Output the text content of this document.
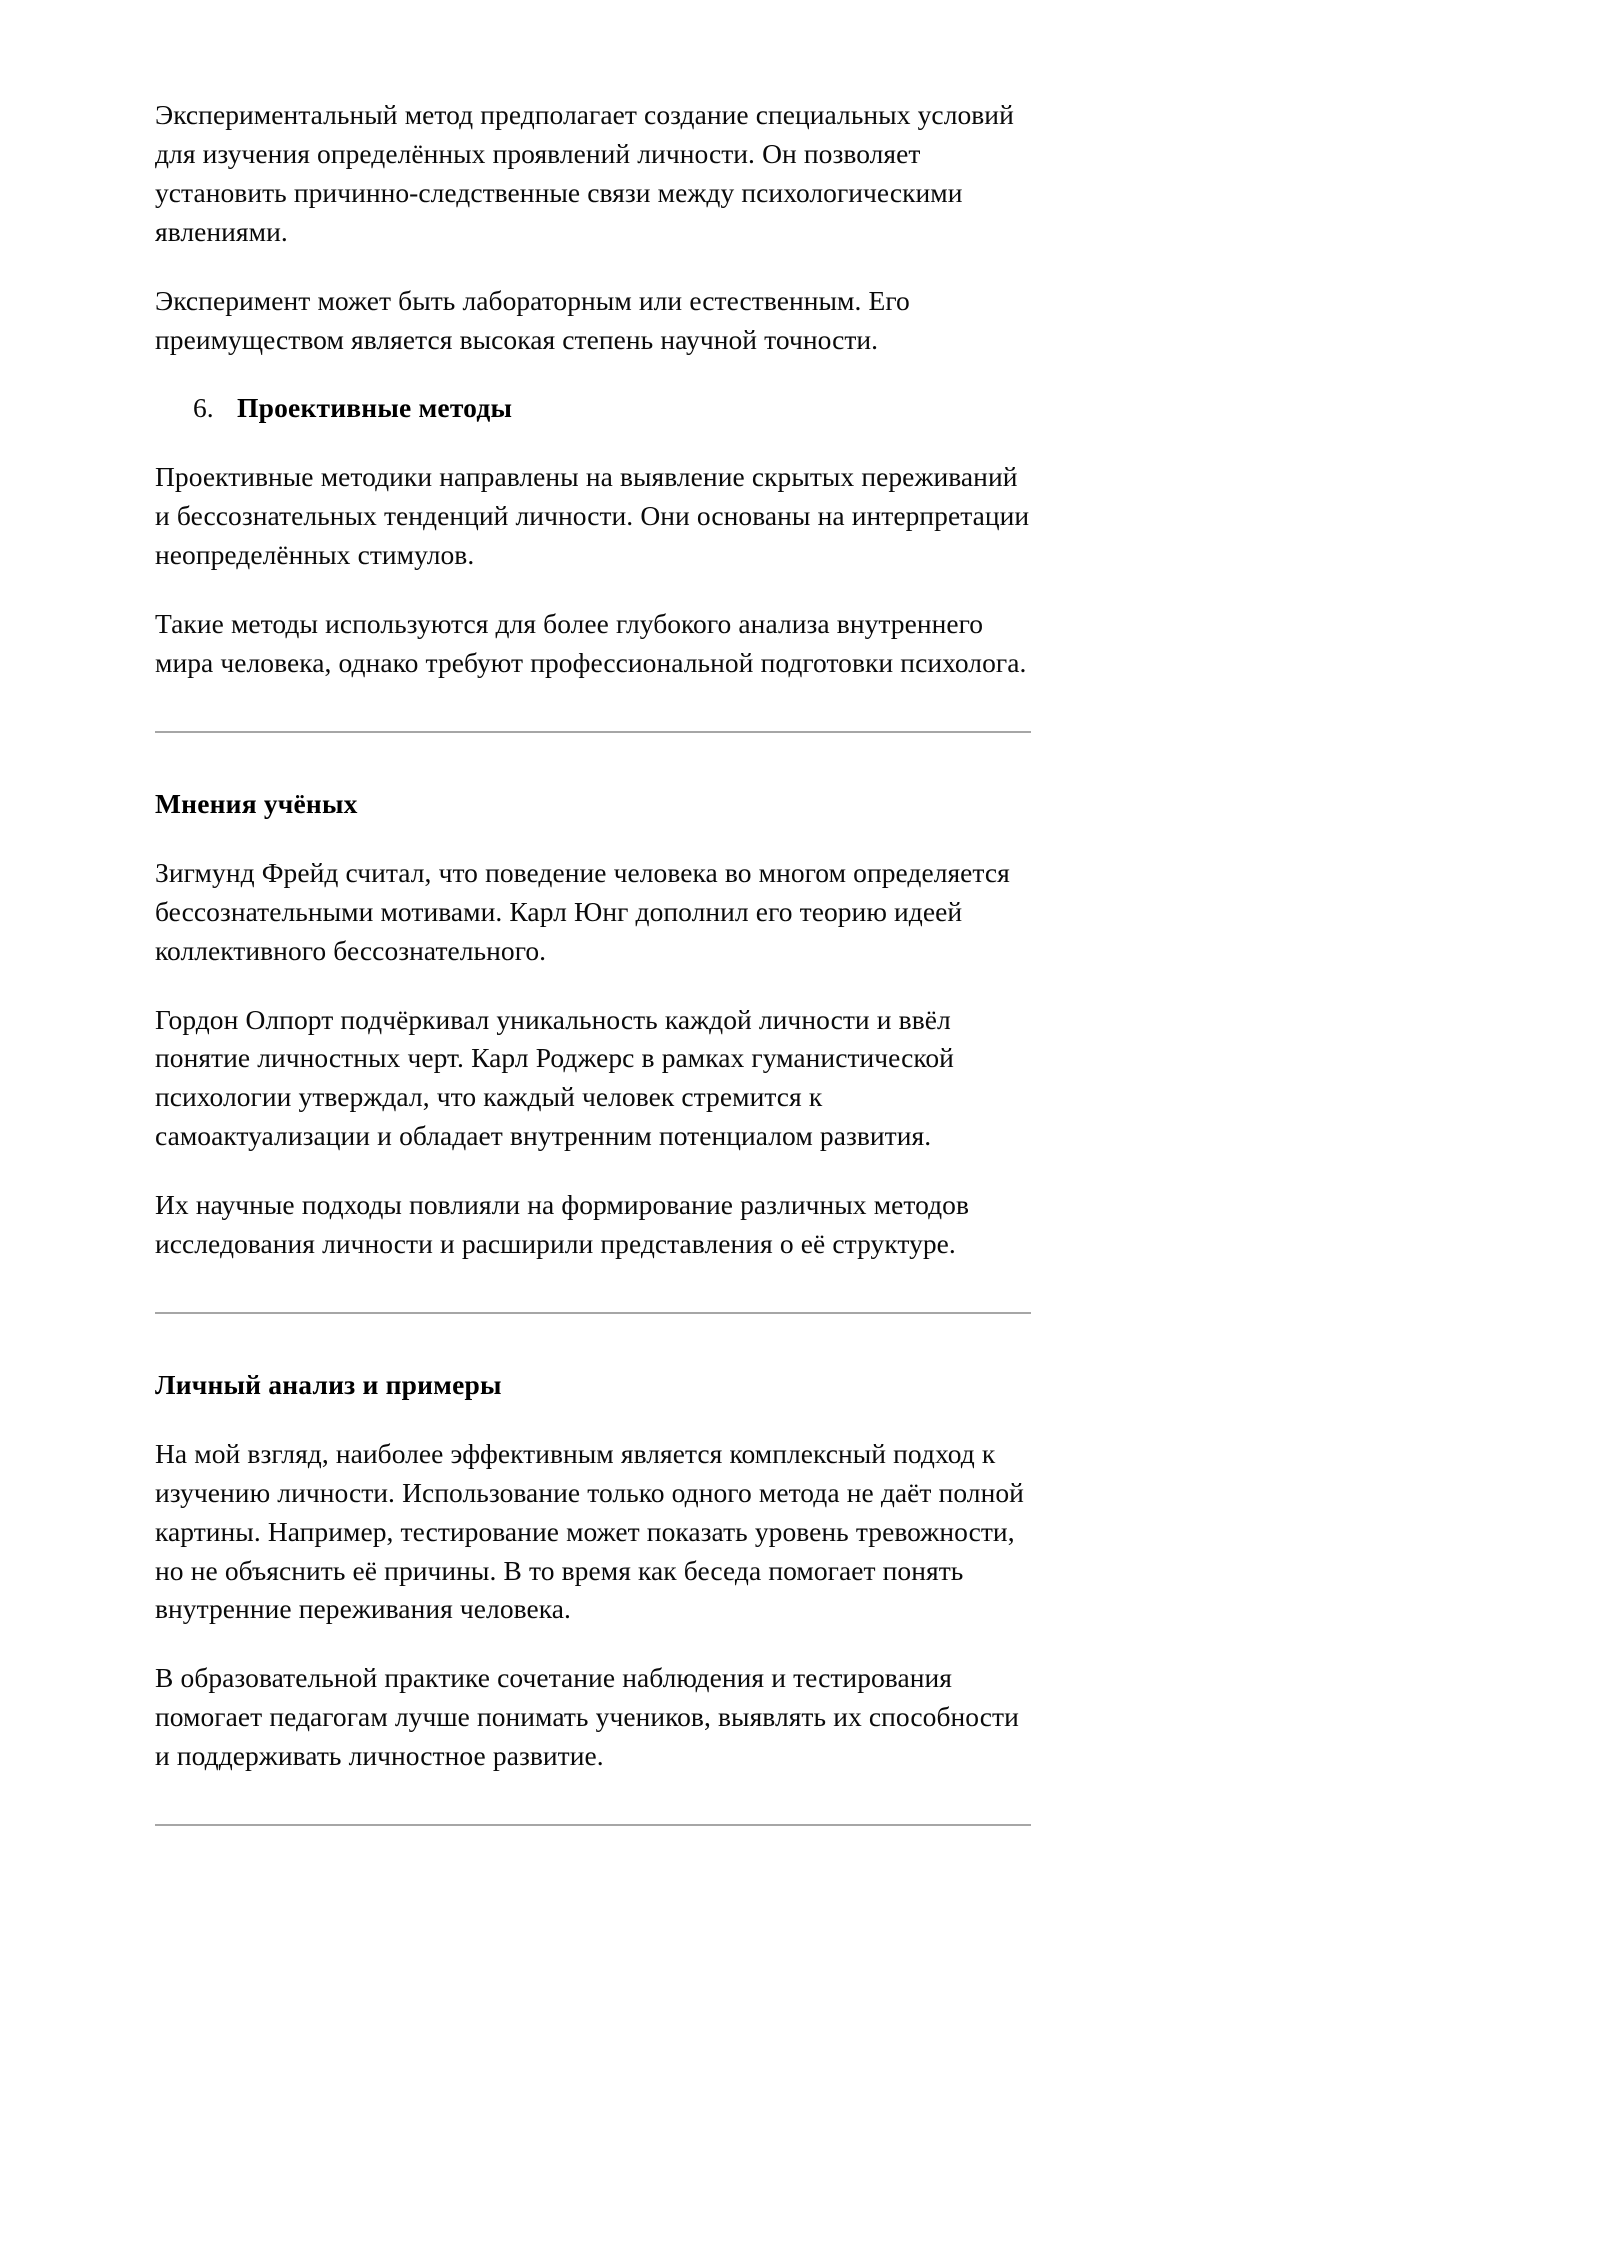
Экспериментальный метод предполагает создание специальных условий для изучения определённых проявлений личности. Он позволяет установить причинно-следственные связи между психологическими явлениями.

Эксперимент может быть лабораторным или естественным. Его преимуществом является высокая степень научной точности.

6. Проективные методы

Проективные методики направлены на выявление скрытых переживаний и бессознательных тенденций личности. Они основаны на интерпретации неопределённых стимулов.

Такие методы используются для более глубокого анализа внутреннего мира человека, однако требуют профессиональной подготовки психолога.

Мнения учёных

Зигмунд Фрейд считал, что поведение человека во многом определяется бессознательными мотивами. Карл Юнг дополнил его теорию идеей коллективного бессознательного.

Гордон Олпорт подчёркивал уникальность каждой личности и ввёл понятие личностных черт. Карл Роджерс в рамках гуманистической психологии утверждал, что каждый человек стремится к самоактуализации и обладает внутренним потенциалом развития.

Их научные подходы повлияли на формирование различных методов исследования личности и расширили представления о её структуре.

Личный анализ и примеры

На мой взгляд, наиболее эффективным является комплексный подход к изучению личности. Использование только одного метода не даёт полной картины. Например, тестирование может показать уровень тревожности, но не объяснить её причины. В то время как беседа помогает понять внутренние переживания человека.

В образовательной практике сочетание наблюдения и тестирования помогает педагогам лучше понимать учеников, выявлять их способности и поддерживать личностное развитие.
